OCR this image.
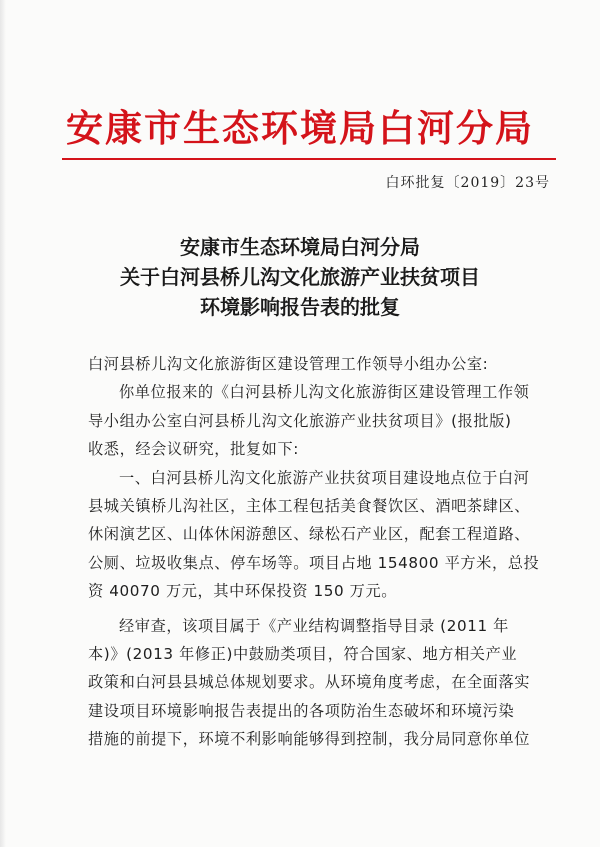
安康市生态环境局白河分局
白环批复〔2019〕23号
安康市生态环境局白河分局
关于白河县桥儿沟文化旅游产业扶贫项目
环境影响报告表的批复
白河县桥儿沟文化旅游街区建设管理工作领导小组办公室:
你单位报来的《白河县桥儿沟文化旅游街区建设管理工作领
导小组办公室白河县桥儿沟文化旅游产业扶贫项目》(报批版)
收悉，经会议研究，批复如下:
一、白河县桥儿沟文化旅游产业扶贫项目建设地点位于白河
县城关镇桥儿沟社区，主体工程包括美食餐饮区、酒吧茶肆区、
休闲演艺区、山体休闲游憩区、绿松石产业区，配套工程道路、
公厕、垃圾收集点、停车场等。项目占地 154800 平方米，总投
资 40070 万元，其中环保投资 150 万元。
经审查，该项目属于《产业结构调整指导目录 (2011 年
本)》(2013 年修正)中鼓励类项目，符合国家、地方相关产业
政策和白河县县城总体规划要求。从环境角度考虑，在全面落实
建设项目环境影响报告表提出的各项防治生态破坏和环境污染
措施的前提下，环境不利影响能够得到控制，我分局同意你单位
